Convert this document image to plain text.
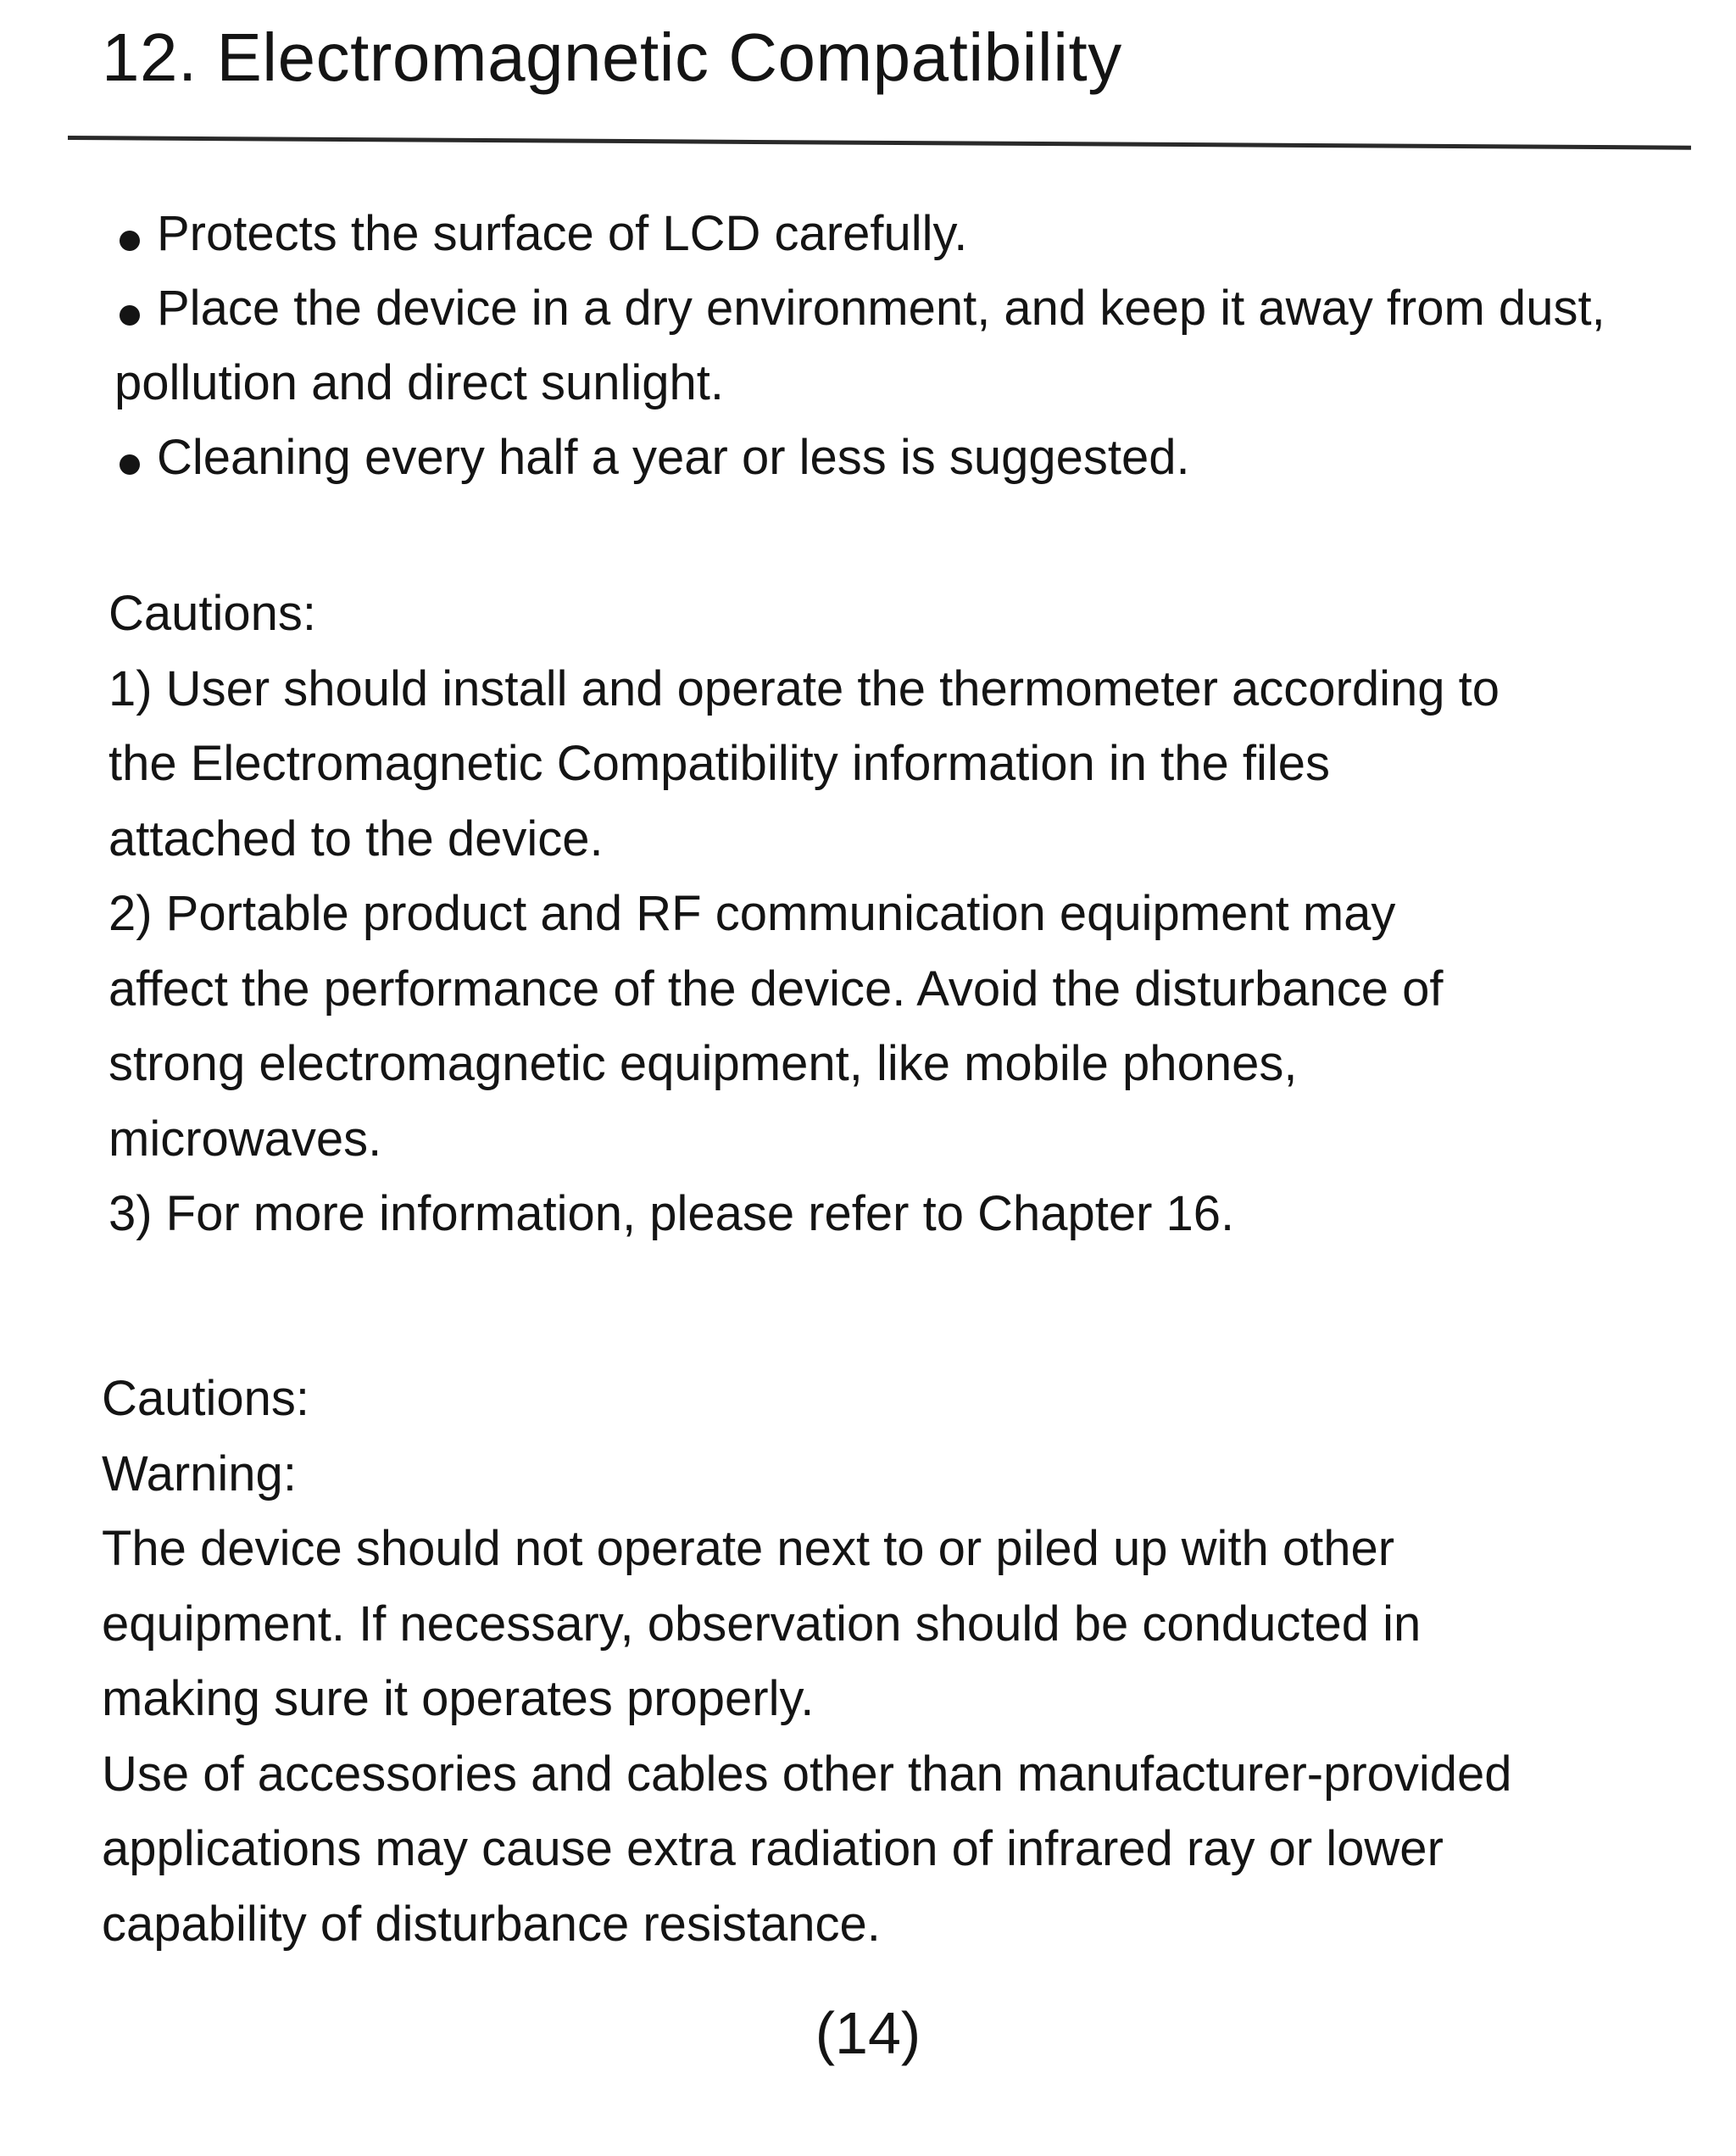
12. Electromagnetic Compatibility
Protects the surface of LCD carefully.
Place the device in a dry environment, and keep it away from dust,
pollution and direct sunlight.
Cleaning every half a year or less is suggested.
Cautions:
1) User should install and operate the thermometer according to
the Electromagnetic Compatibility information in the files
attached to the device.
2) Portable product and RF communication equipment may
affect the performance of the device. Avoid the disturbance of
strong electromagnetic equipment, like mobile phones,
microwaves.
3) For more information, please refer to Chapter 16.
Cautions:
Warning:
The device should not operate next to or piled up with other
equipment. If necessary, observation should be conducted in
making sure it operates properly.
Use of accessories and cables other than manufacturer-provided
applications may cause extra radiation of infrared ray or lower
capability of disturbance resistance.
(14)
